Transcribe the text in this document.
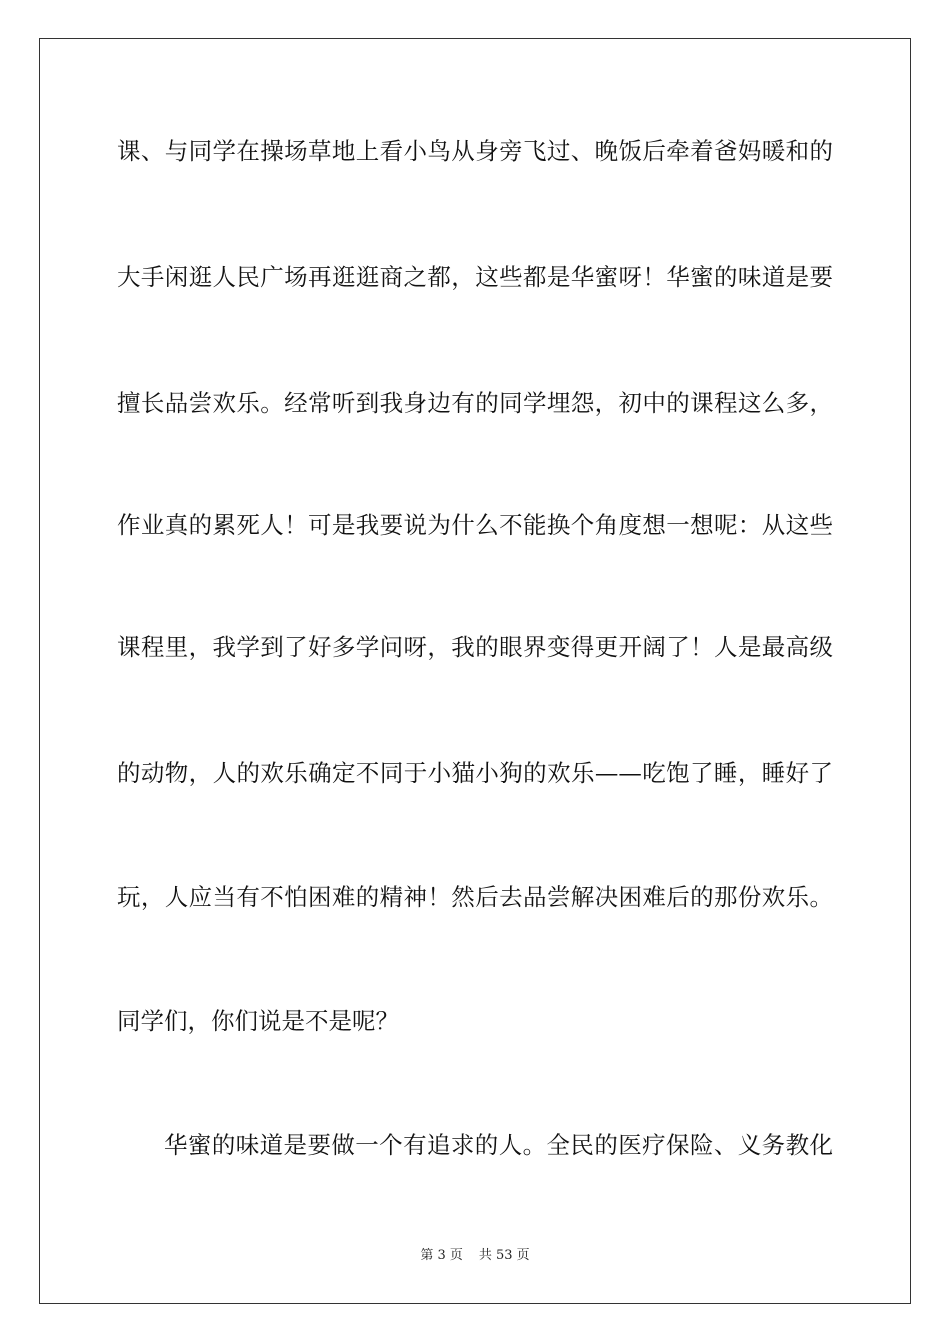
课、与同学在操场草地上看小鸟从身旁飞过、晚饭后牵着爸妈暖和的
大手闲逛人民广场再逛逛商之都，这些都是华蜜呀！华蜜的味道是要
擅长品尝欢乐。经常听到我身边有的同学埋怨，初中的课程这么多，
作业真的累死人！可是我要说为什么不能换个角度想一想呢：从这些
课程里，我学到了好多学问呀，我的眼界变得更开阔了！人是最高级
的动物，人的欢乐确定不同于小猫小狗的欢乐——吃饱了睡，睡好了
玩，人应当有不怕困难的精神！然后去品尝解决困难后的那份欢乐。
同学们，你们说是不是呢？
华蜜的味道是要做一个有追求的人。全民的医疗保险、义务教化
第 3 页 共 53 页
